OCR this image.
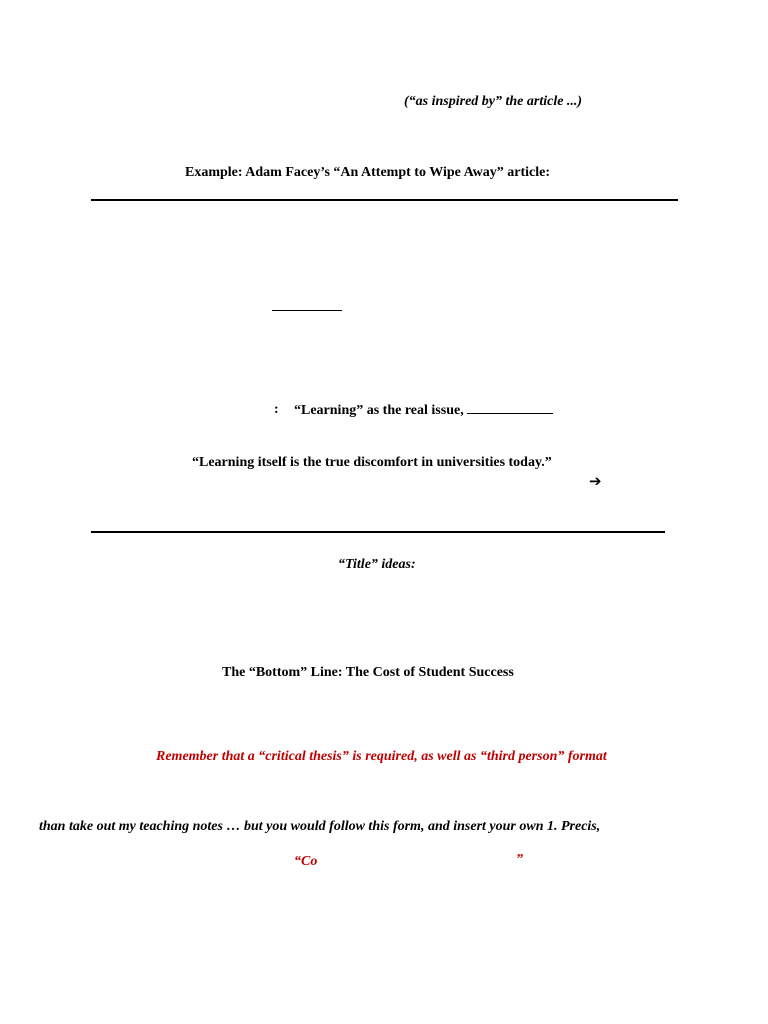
(“as inspired by” the article ...)
Example: Adam Facey’s “An Attempt to Wipe Away” article:
: “Learning” as the real issue,
“Learning itself is the true discomfort in universities today.”
➔
“Title” ideas:
The “Bottom” Line: The Cost of Student Success
Remember that a “critical thesis” is required, as well as “third person” format
than take out my teaching notes … but you would follow this form, and insert your own 1. Precis,
“Co	”
